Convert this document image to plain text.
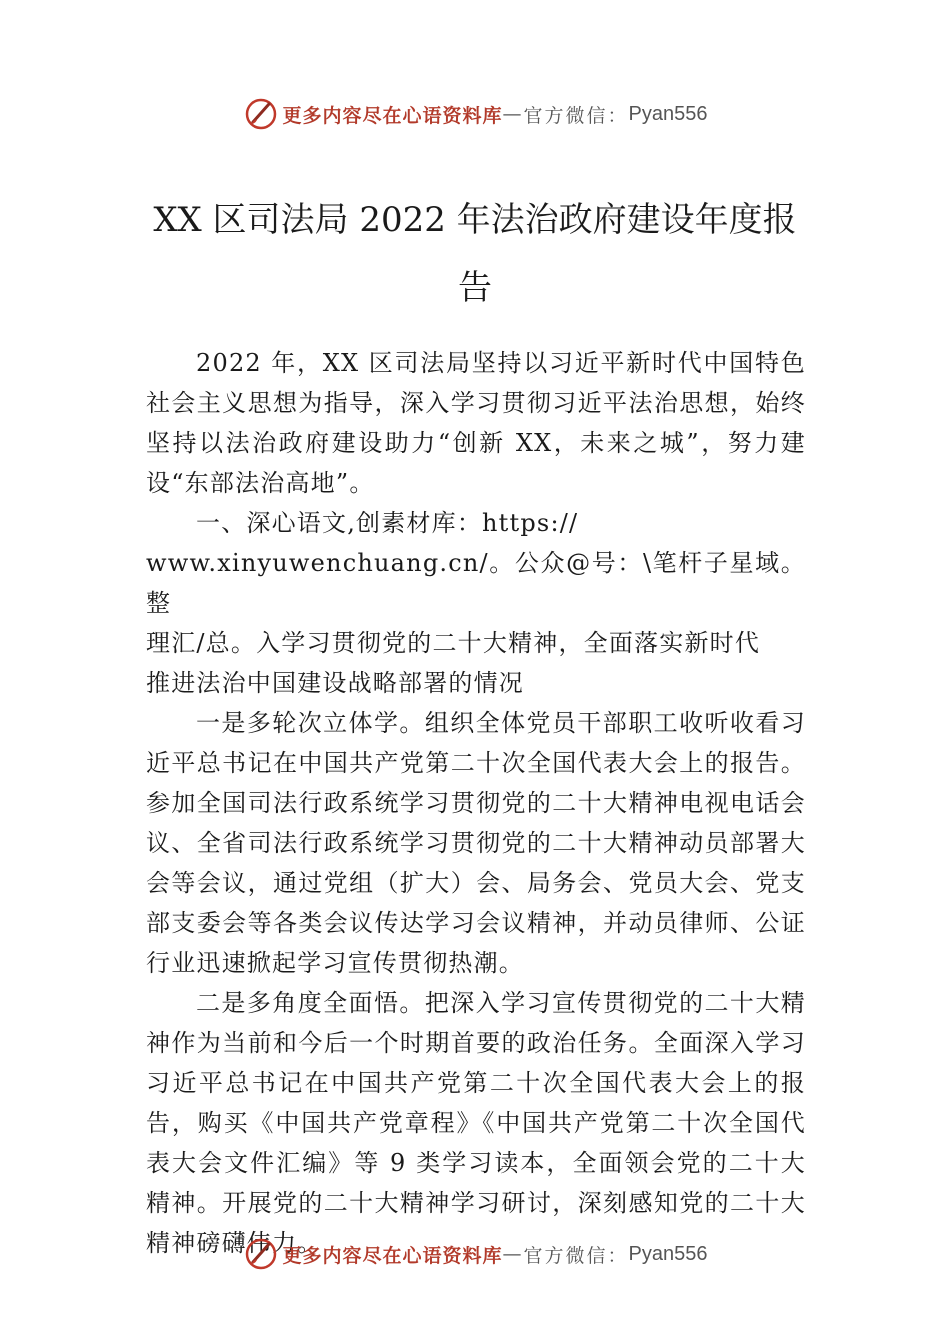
更多内容尽在心语资料库 — 官方微信： Pyan556
XX 区司法局 2022 年法治政府建设年度报
告

2022 年，XX 区司法局坚持以习近平新时代中国特色社会主义思想为指导，深入学习贯彻习近平法治思想，始终坚持以法治政府建设助力“创新 XX，未来之城”，努力建设“东部法治高地”。

一、深心语文,创素材库：https://

www.xinyuwenchuang.cn/。公众@号：\笔杆子星域。整

理汇/总。入学习贯彻党的二十大精神，全面落实新时代

推进法治中国建设战略部署的情况

一是多轮次立体学。组织全体党员干部职工收听收看习近平总书记在中国共产党第二十次全国代表大会上的报告。 参加全国司法行政系统学习贯彻党的二十大精神电视电话会议、全省司法行政系统学习贯彻党的二十大精神动员部署大会等会议，通过党组（扩大）会、局务会、党员大会、党支部支委会等各类会议传达学习会议精神，并动员律师、公证行业迅速掀起学习宣传贯彻热潮。

二是多角度全面悟。把深入学习宣传贯彻党的二十大精神作为当前和今后一个时期首要的政治任务。全面深入学习习近平总书记在中国共产党第二十次全国代表大会上的报告，购买《中国共产党章程》《中国共产党第二十次全国代表大会文件汇编》等 9 类学习读本，全面领会党的二十大精神。开展党的二十大精神学习研讨，深刻感知党的二十大精神磅礴伟力。

更多内容尽在心语资料库 — 官方微信： Pyan556
